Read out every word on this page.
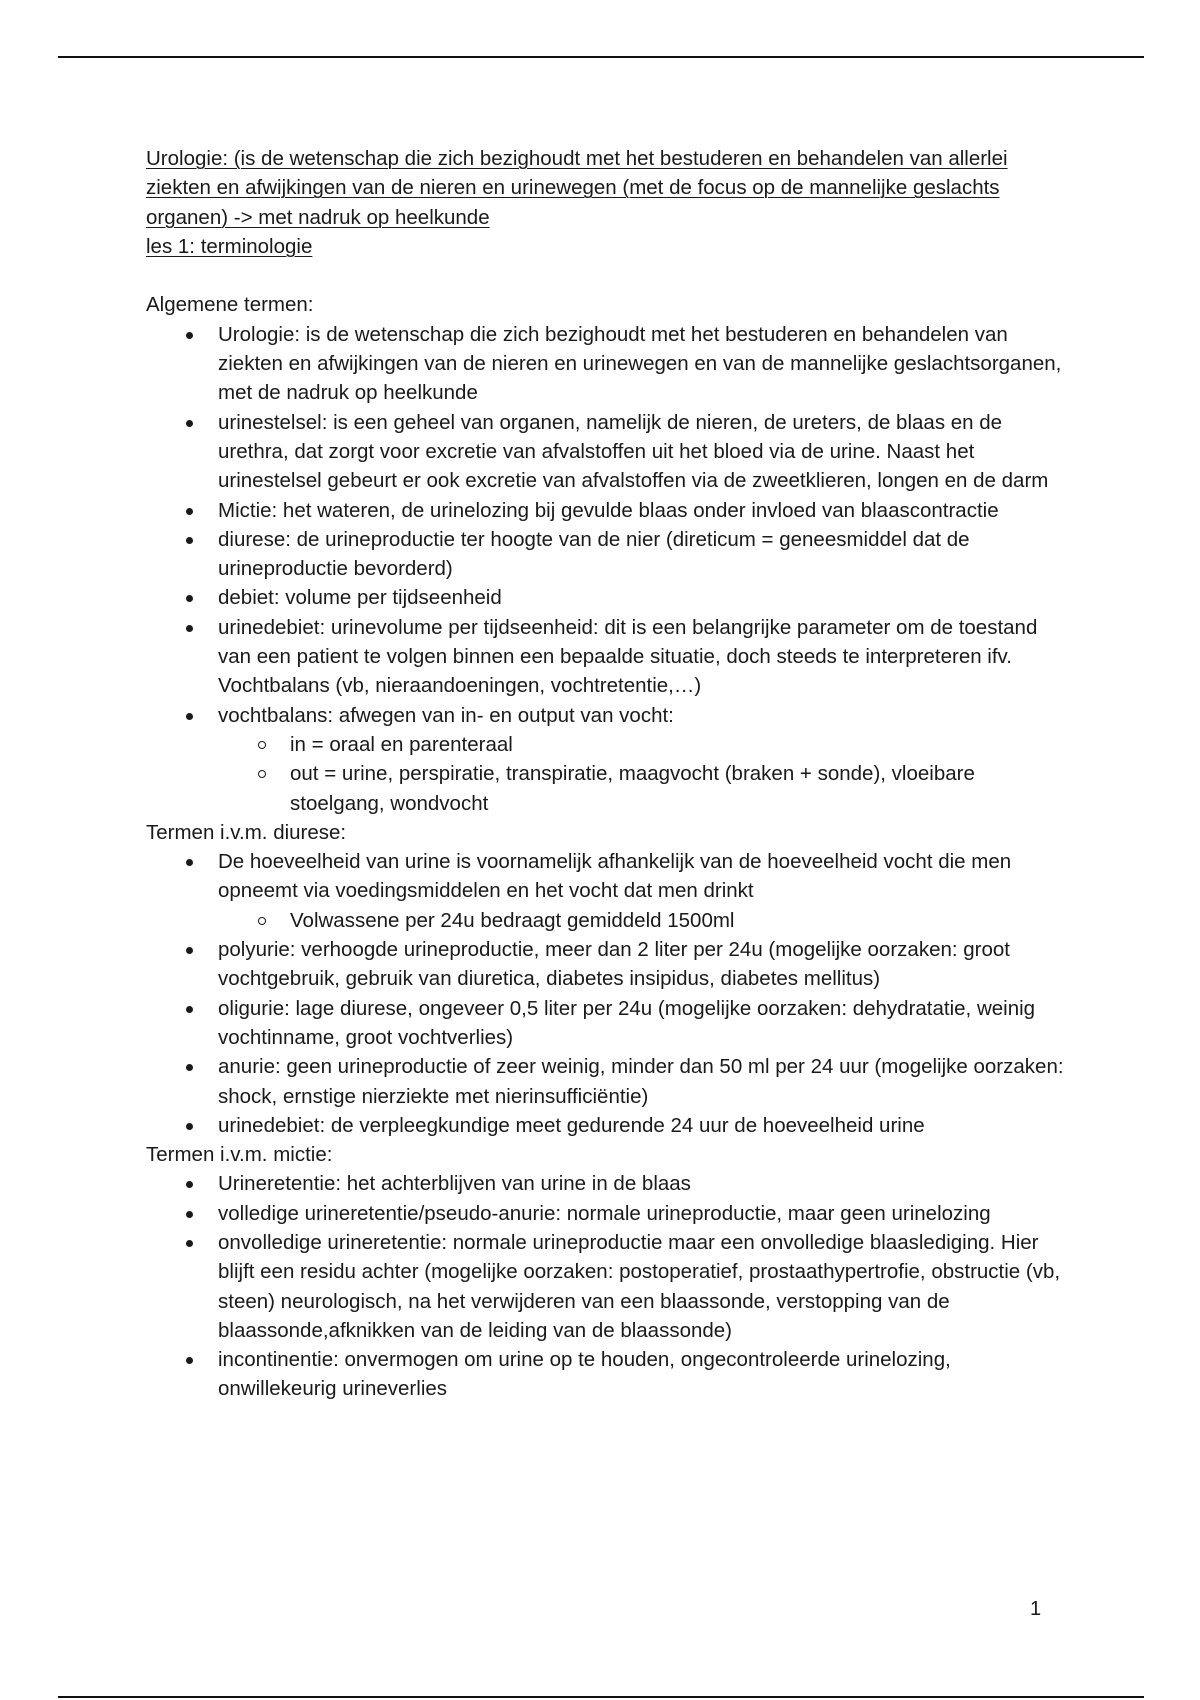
Urologie: (is de wetenschap die zich bezighoudt met het bestuderen en behandelen van allerlei ziekten en afwijkingen van de nieren en urinewegen (met de focus op de mannelijke geslachts organen) -> met nadruk op heelkunde

les 1: terminologie

Algemene termen:

Urologie: is de wetenschap die zich bezighoudt met het bestuderen en behandelen van ziekten en afwijkingen van de nieren en urinewegen en van de mannelijke geslachtsorganen, met de nadruk op heelkunde
urinestelsel: is een geheel van organen, namelijk de nieren, de ureters, de blaas en de urethra, dat zorgt voor excretie van afvalstoffen uit het bloed via de urine. Naast het urinestelsel gebeurt er ook excretie van afvalstoffen via de zweetklieren, longen en de darm
Mictie: het wateren, de urinelozing bij gevulde blaas onder invloed van blaascontractie
diurese: de urineproductie ter hoogte van de nier (direticum = geneesmiddel dat de urineproductie bevorderd)
debiet: volume per tijdseenheid
urinedebiet: urinevolume per tijdseenheid: dit is een belangrijke parameter om de toestand van een patient te volgen binnen een bepaalde situatie, doch steeds te interpreteren ifv. Vochtbalans (vb, nieraandoeningen, vochtretentie,…)
vochtbalans: afwegen van in- en output van vocht:
in = oraal en parenteraal
out = urine, perspiratie, transpiratie, maagvocht (braken + sonde), vloeibare stoelgang, wondvocht

Termen i.v.m. diurese:

De hoeveelheid van urine is voornamelijk afhankelijk van de hoeveelheid vocht die men opneemt via voedingsmiddelen en het vocht dat men drinkt
Volwassene per 24u bedraagt gemiddeld 1500ml
polyurie: verhoogde urineproductie, meer dan 2 liter per 24u (mogelijke oorzaken: groot vochtgebruik, gebruik van diuretica, diabetes insipidus, diabetes mellitus)
oligurie: lage diurese, ongeveer 0,5 liter per 24u (mogelijke oorzaken: dehydratatie, weinig vochtinname, groot vochtverlies)
anurie: geen urineproductie of zeer weinig, minder dan 50 ml per 24 uur (mogelijke oorzaken: shock, ernstige nierziekte met nierinsufficiëntie)
urinedebiet: de verpleegkundige meet gedurende 24 uur de hoeveelheid urine

Termen i.v.m. mictie:

Urineretentie: het achterblijven van urine in de blaas
volledige urineretentie/pseudo-anurie: normale urineproductie, maar geen urinelozing
onvolledige urineretentie: normale urineproductie maar een onvolledige blaaslediging. Hier blijft een residu achter (mogelijke oorzaken: postoperatief, prostaathypertrofie, obstructie (vb, steen) neurologisch, na het verwijderen van een blaassonde, verstopping van de blaassonde,afknikken van de leiding van de blaassonde)
incontinentie: onvermogen om urine op te houden, ongecontroleerde urinelozing, onwillekeurig urineverlies
1
